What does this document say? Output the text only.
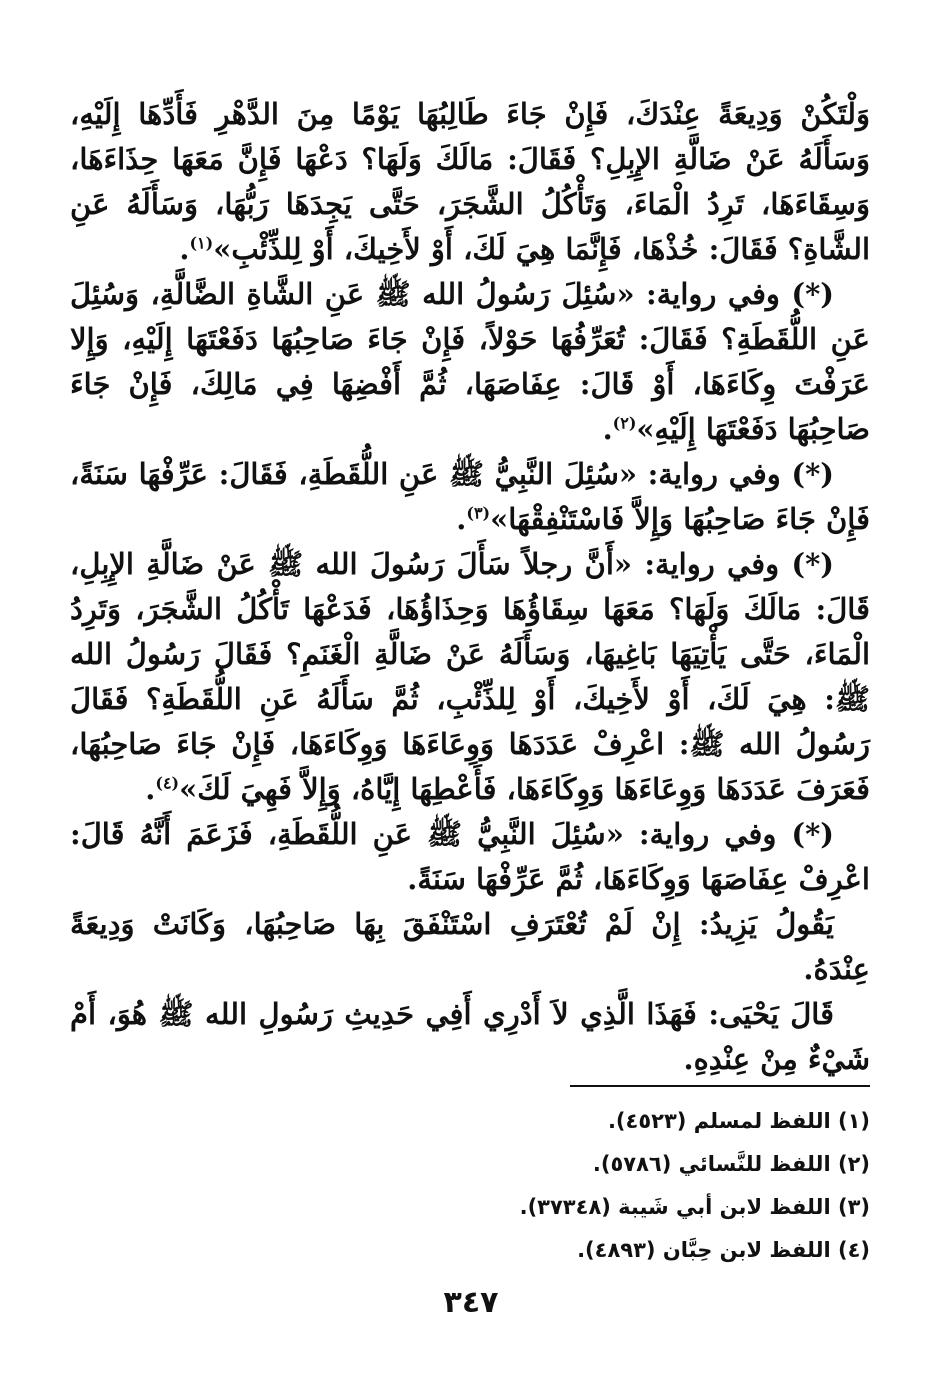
وَلْتَكُنْ وَدِيعَةً عِنْدَكَ، فَإِنْ جَاءَ طَالِبُهَا يَوْمًا مِنَ الدَّهْرِ فَأَدِّهَا إِلَيْهِ، وَسَأَلَهُ عَنْ ضَالَّةِ الإِبِلِ؟ فَقَالَ: مَالَكَ وَلَهَا؟ دَعْهَا فَإِنَّ مَعَهَا حِذَاءَهَا، وَسِقَاءَهَا، تَرِدُ الْمَاءَ، وَتَأْكُلُ الشَّجَرَ، حَتَّى يَجِدَهَا رَبُّهَا، وَسَأَلَهُ عَنِ الشَّاةِ؟ فَقَالَ: خُذْهَا، فَإِنَّمَا هِيَ لَكَ، أَوْ لأَخِيكَ، أَوْ لِلذِّئْبِ»$^{(١)}$.

(*) وفي رواية: «سُئِلَ رَسُولُ الله ﷺ عَنِ الشَّاةِ الضَّالَّةِ، وَسُئِلَ عَنِ اللُّقَطَةِ؟ فَقَالَ: تُعَرِّفُهَا حَوْلاً، فَإِنْ جَاءَ صَاحِبُهَا دَفَعْتَهَا إِلَيْهِ، وَإِلا عَرَفْتَ وِكَاءَهَا، أَوْ قَالَ: عِفَاصَهَا، ثُمَّ أَفْضِهَا فِي مَالِكَ، فَإِنْ جَاءَ صَاحِبُهَا دَفَعْتَهَا إِلَيْهِ»$^{(٢)}$.

(*) وفي رواية: «سُئِلَ النَّبِيُّ ﷺ عَنِ اللُّقَطَةِ، فَقَالَ: عَرِّفْهَا سَنَةً، فَإِنْ جَاءَ صَاحِبُهَا وَإِلاَّ فَاسْتَنْفِقْهَا»$^{(٣)}$.

(*) وفي رواية: «أَنَّ رجلاً سَأَلَ رَسُولَ الله ﷺ عَنْ ضَالَّةِ الإِبِلِ، قَالَ: مَالَكَ وَلَهَا؟ مَعَهَا سِقَاؤُهَا وَحِذَاؤُهَا، فَدَعْهَا تَأْكُلُ الشَّجَرَ، وَتَرِدُ الْمَاءَ، حَتَّى يَأْتِيَهَا بَاغِيهَا، وَسَأَلَهُ عَنْ ضَالَّةِ الْغَنَمِ؟ فَقَالَ رَسُولُ الله ﷺ: هِيَ لَكَ، أَوْ لأَخِيكَ، أَوْ لِلذِّئْبِ، ثُمَّ سَأَلَهُ عَنِ اللُّقَطَةِ؟ فَقَالَ رَسُولُ الله ﷺ: اعْرِفْ عَدَدَهَا وَوِعَاءَهَا وَوِكَاءَهَا، فَإِنْ جَاءَ صَاحِبُهَا، فَعَرَفَ عَدَدَهَا وَوِعَاءَهَا وَوِكَاءَهَا، فَأَعْطِهَا إِيَّاهُ، وَإِلاَّ فَهِيَ لَكَ»$^{(٤)}$.

(*) وفي رواية: «سُئِلَ النَّبِيُّ ﷺ عَنِ اللُّقَطَةِ، فَزَعَمَ أَنَّهُ قَالَ: اعْرِفْ عِفَاصَهَا وَوِكَاءَهَا، ثُمَّ عَرِّفْهَا سَنَةً.

يَقُولُ يَزِيدُ: إِنْ لَمْ تُعْتَرَفِ اسْتَنْفَقَ بِهَا صَاحِبُهَا، وَكَانَتْ وَدِيعَةً عِنْدَهُ.

قَالَ يَحْيَى: فَهَذَا الَّذِي لاَ أَدْرِي أَفِي حَدِيثِ رَسُولِ الله ﷺ هُوَ، أَمْ شَيْءٌ مِنْ عِنْدِهِ.

(١) اللفظ لمسلم (٤٥٢٣).

(٢) اللفظ للنَّسائي (٥٧٨٦).

(٣) اللفظ لابن أبي شَيبة (٣٧٣٤٨).

(٤) اللفظ لابن حِبَّان (٤٨٩٣).

٣٤٧
